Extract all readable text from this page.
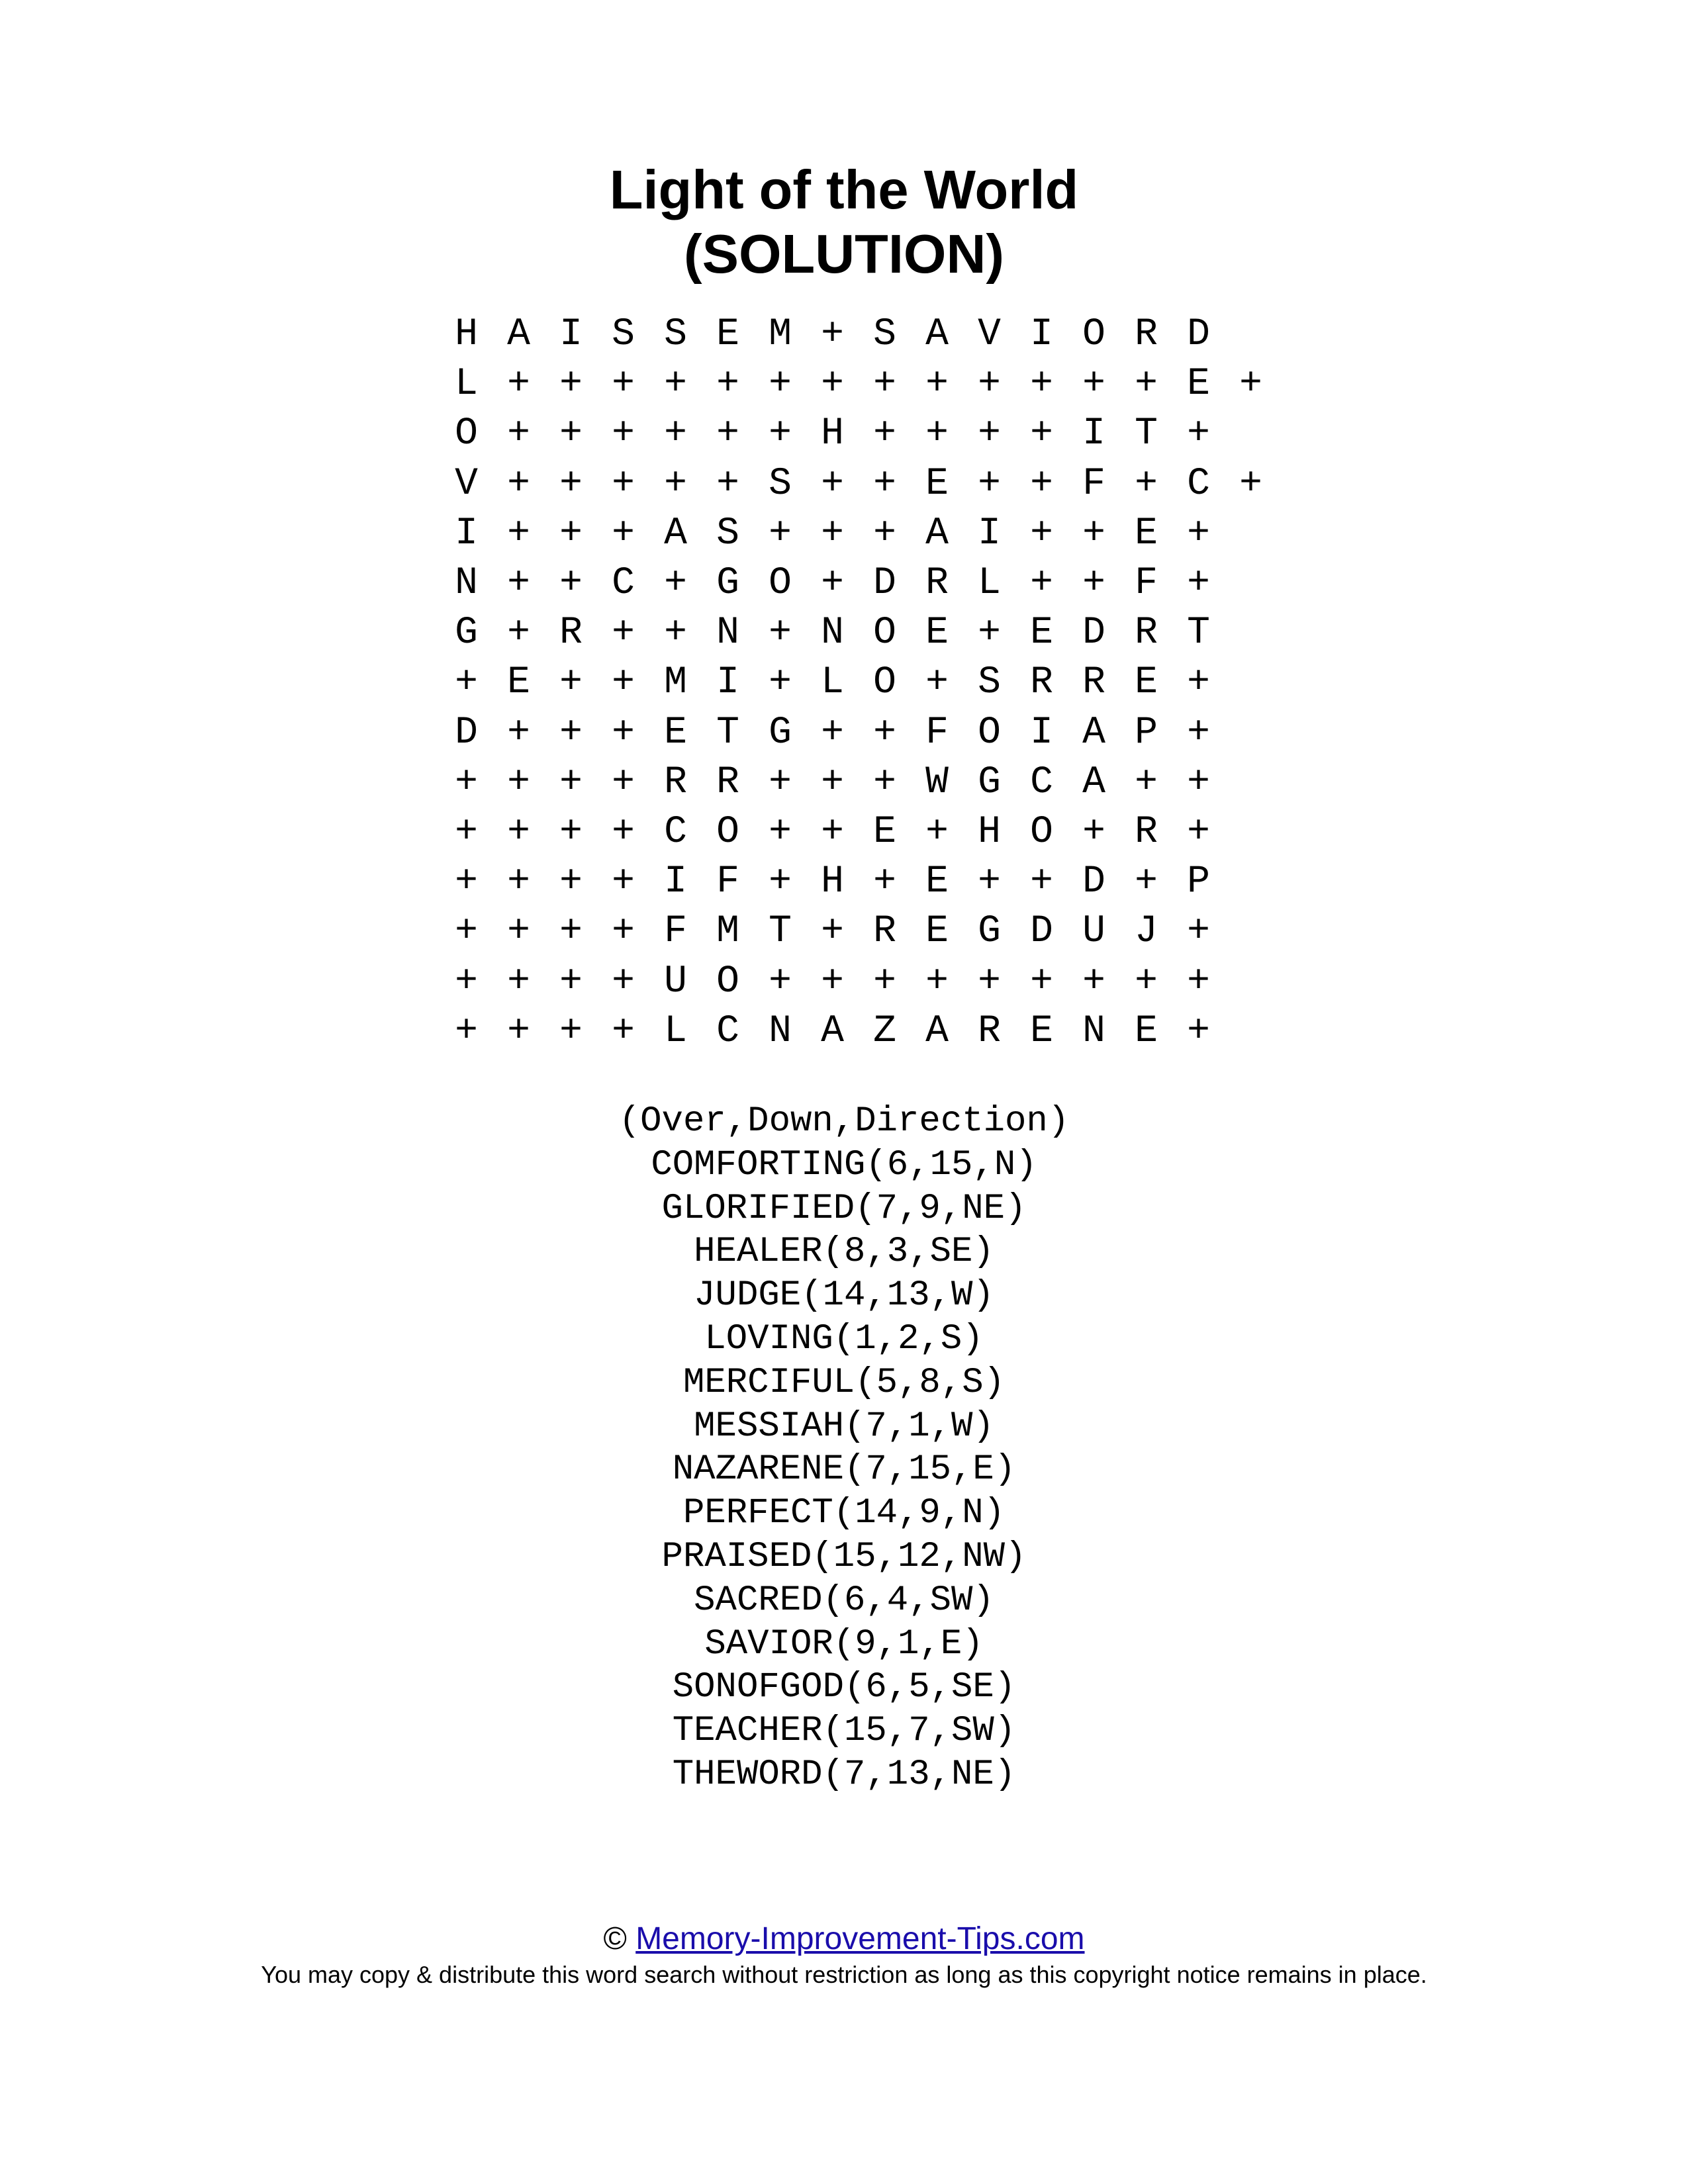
Light of the World
(SOLUTION)
H A I S S E M + S A V I O R D
L + + + + + + + + + + + + + E +
O + + + + + + H + + + + I T +
V + + + + + S + + E + + F + C +
I + + + A S + + + A I + + E +
N + + C + G O + D R L + + F +
G + R + + N + N O E + E D R T
+ E + + M I + L O + S R R E +
D + + + E T G + + F O I A P +
+ + + + R R + + + W G C A + +
+ + + + C O + + E + H O + R +
+ + + + I F + H + E + + D + P
+ + + + F M T + R E G D U J +
+ + + + U O + + + + + + + + +
+ + + + L C N A Z A R E N E +
(Over,Down,Direction)
COMFORTING(6,15,N)
GLORIFIED(7,9,NE)
HEALER(8,3,SE)
JUDGE(14,13,W)
LOVING(1,2,S)
MERCIFUL(5,8,S)
MESSIAH(7,1,W)
NAZARENE(7,15,E)
PERFECT(14,9,N)
PRAISED(15,12,NW)
SACRED(6,4,SW)
SAVIOR(9,1,E)
SONOFGOD(6,5,SE)
TEACHER(15,7,SW)
THEWORD(7,13,NE)
© Memory-Improvement-Tips.com
You may copy & distribute this word search without restriction as long as this copyright notice remains in place.
